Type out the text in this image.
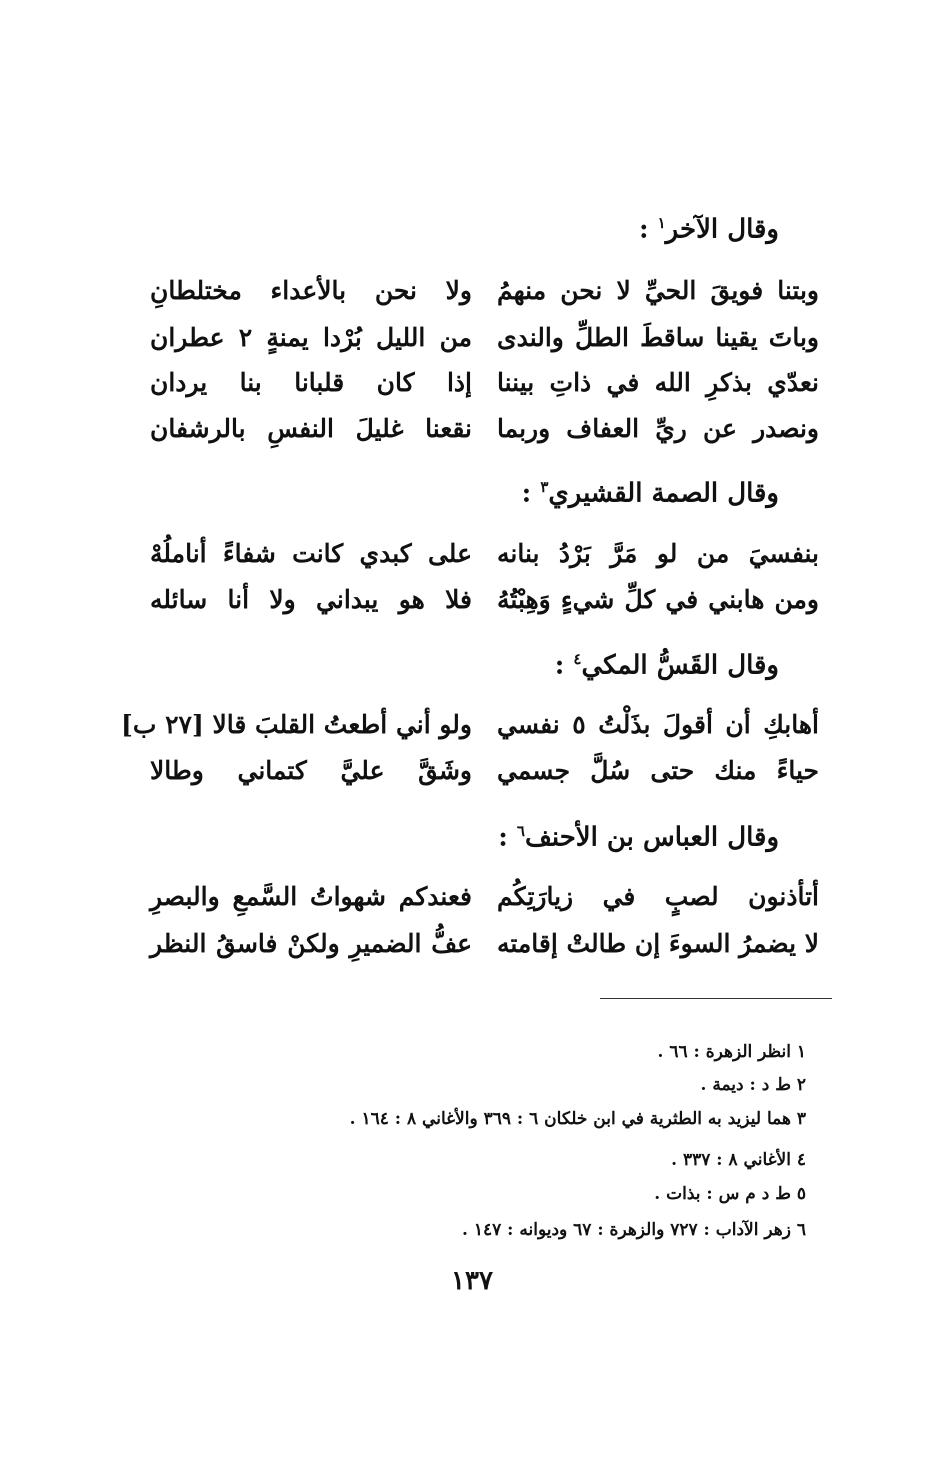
وقال الآخر$^١$ :
وبتنا فويقَ الحيِّ لا نحن منهمُ
ولا نحن بالأعداء مختلطانِ
وباتَ يقينا ساقطَ الطلِّ والندى
من الليل بُرْدا يمنةٍ ٢ عطران
نعدّي بذكرِ الله في ذاتِ بيننا
إذا كان قلبانا بنا يردان
ونصدر عن ريِّ العفاف وربما
نقعنا غليلَ النفسِ بالرشفان
وقال الصمة القشيري$^٣$ :
بنفسيَ من لو مَرَّ بَرْدُ بنانه
على كبدي كانت شفاءً أناملُهْ
ومن هابني في كلِّ شيءٍ وَهِبْتُهُ
فلا هو يبداني ولا أنا سائله
وقال القَسُّ المكي$^٤$ :
أهابكِ أن أقولَ بذَلْتُ ٥ نفسي
ولو أني أطعتُ القلبَ قالا [٢٧ ب]
حياءً منك حتى سُلَّ جسمي
وشَقَّ عليَّ كتماني وطالا
وقال العباس بن الأحنف$^٦$ :
أتأذنون لصبٍ في زيارَتِكُم
فعندكم شهواتُ السَّمعِ والبصرِ
لا يضمرُ السوءَ إن طالتْ إقامته
عفُّ الضميرِ ولكنْ فاسقُ النظر
١ انظر الزهرة : ٦٦ .
٢ ط د : ديمة .
٣ هما ليزيد به الطثرية في ابن خلكان ٦ : ٣٦٩ والأغاني ٨ : ١٦٤ .
٤ الأغاني ٨ : ٣٣٧ .
٥ ط د م س : بذات .
٦ زهر الآداب : ٧٢٧ والزهرة : ٦٧ وديوانه : ١٤٧ .
١٣٧
